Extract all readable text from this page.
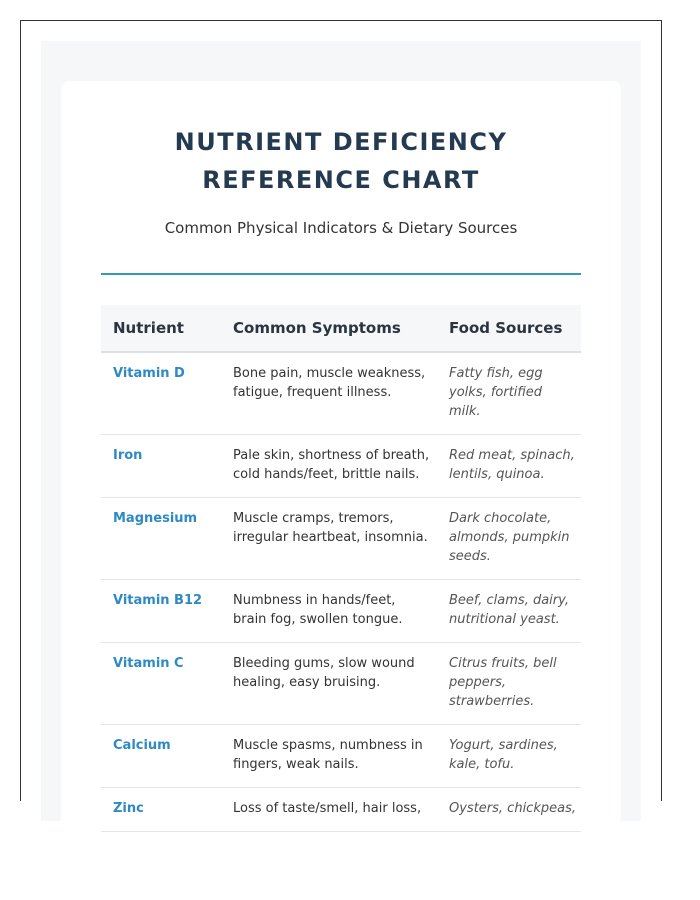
NUTRIENT DEFICIENCY REFERENCE CHART
Common Physical Indicators & Dietary Sources
Nutrient	Common Symptoms	Food Sources
Vitamin D	Bone pain, muscle weakness, fatigue, frequent illness.	Fatty fish, egg yolks, fortified milk.
Iron	Pale skin, shortness of breath, cold hands/feet, brittle nails.	Red meat, spinach, lentils, quinoa.
Magnesium	Muscle cramps, tremors, irregular heartbeat, insomnia.	Dark chocolate, almonds, pumpkin seeds.
Vitamin B12	Numbness in hands/feet, brain fog, swollen tongue.	Beef, clams, dairy, nutritional yeast.
Vitamin C	Bleeding gums, slow wound healing, easy bruising.	Citrus fruits, bell peppers, strawberries.
Calcium	Muscle spasms, numbness in fingers, weak nails.	Yogurt, sardines, kale, tofu.
Zinc	Loss of taste/smell, hair loss,	Oysters, chickpeas,
